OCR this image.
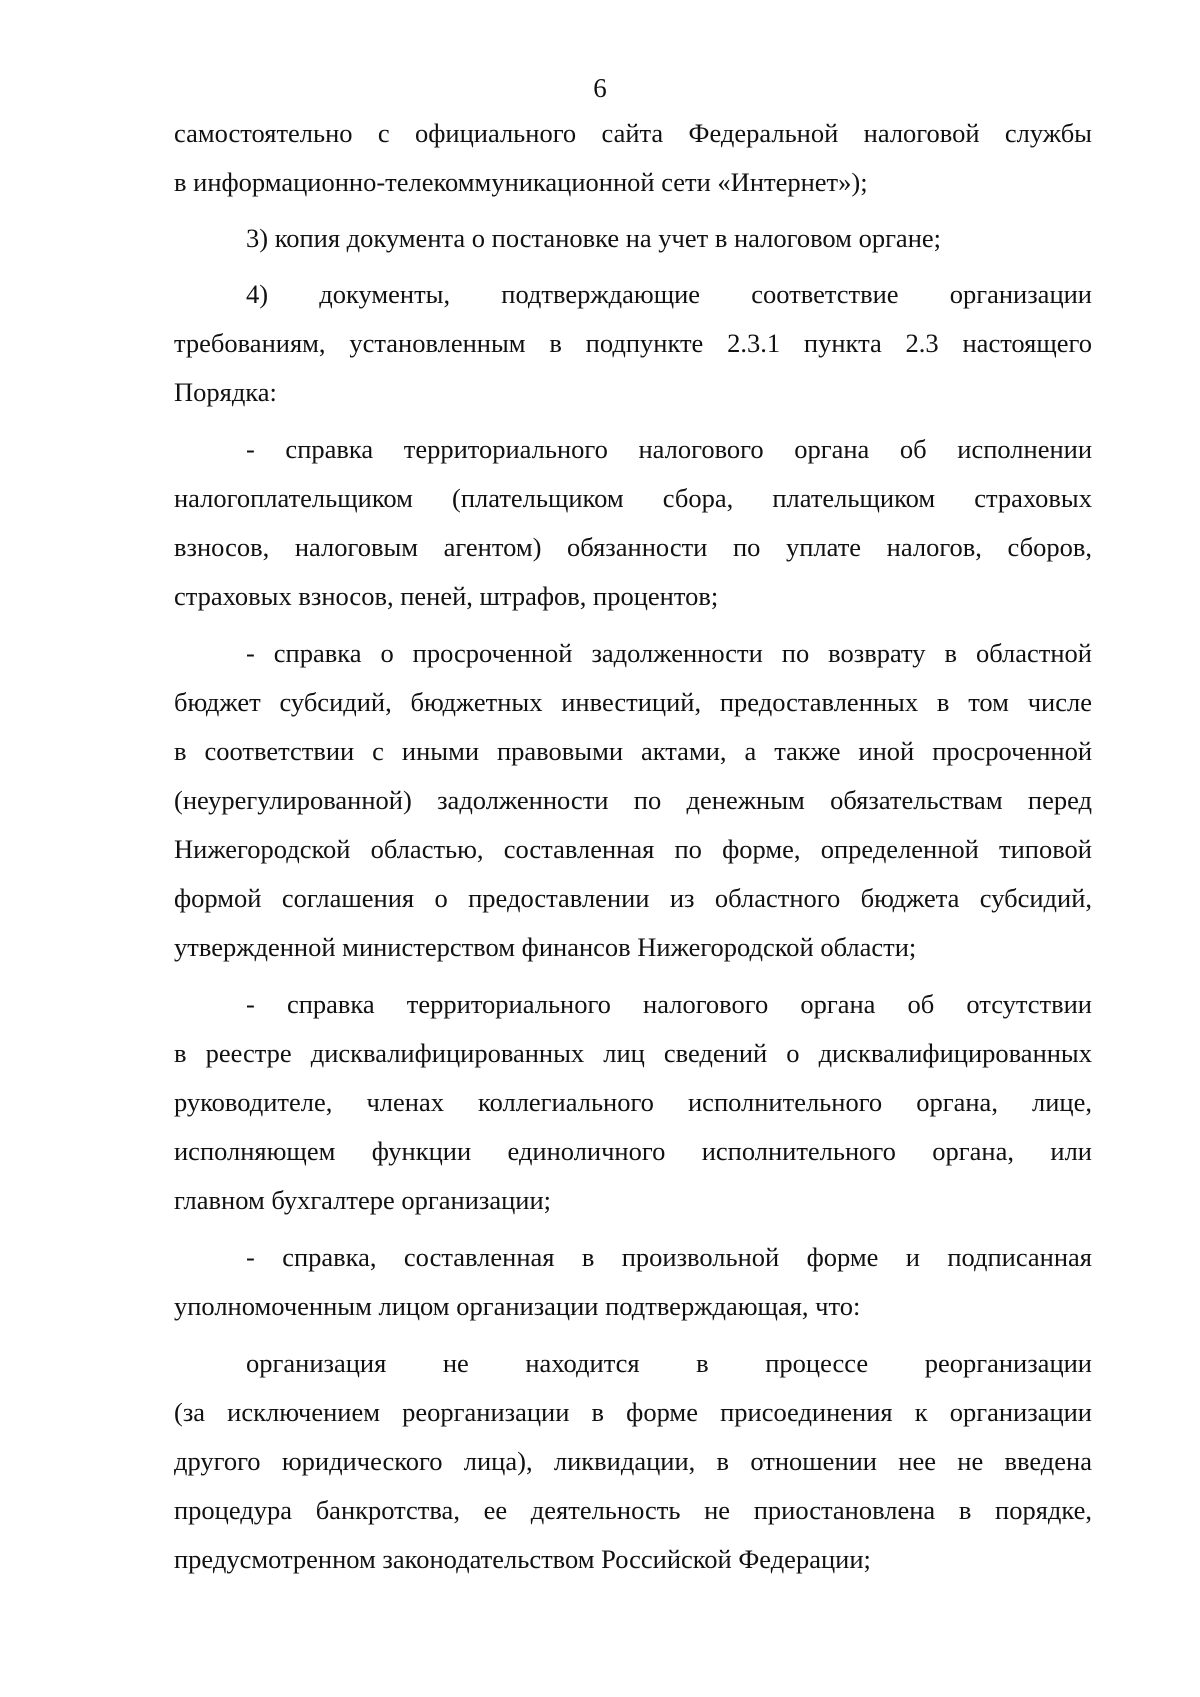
6
самостоятельно с официального сайта Федеральной налоговой службы
в информационно-телекоммуникационной сети «Интернет»);
3) копия документа о постановке на учет в налоговом органе;
4) документы, подтверждающие соответствие организации
требованиям, установленным в подпункте 2.3.1 пункта 2.3 настоящего
Порядка:
- справка территориального налогового органа об исполнении
налогоплательщиком (плательщиком сбора, плательщиком страховых
взносов, налоговым агентом) обязанности по уплате налогов, сборов,
страховых взносов, пеней, штрафов, процентов;
- справка о просроченной задолженности по возврату в областной
бюджет субсидий, бюджетных инвестиций, предоставленных в том числе
в соответствии с иными правовыми актами, а также иной просроченной
(неурегулированной) задолженности по денежным обязательствам перед
Нижегородской областью, составленная по форме, определенной типовой
формой соглашения о предоставлении из областного бюджета субсидий,
утвержденной министерством финансов Нижегородской области;
- справка территориального налогового органа об отсутствии
в реестре дисквалифицированных лиц сведений о дисквалифицированных
руководителе, членах коллегиального исполнительного органа, лице,
исполняющем функции единоличного исполнительного органа, или
главном бухгалтере организации;
- справка, составленная в произвольной форме и подписанная
уполномоченным лицом организации подтверждающая, что:
организация не находится в процессе реорганизации
(за исключением реорганизации в форме присоединения к организации
другого юридического лица), ликвидации, в отношении нее не введена
процедура банкротства, ее деятельность не приостановлена в порядке,
предусмотренном законодательством Российской Федерации;
